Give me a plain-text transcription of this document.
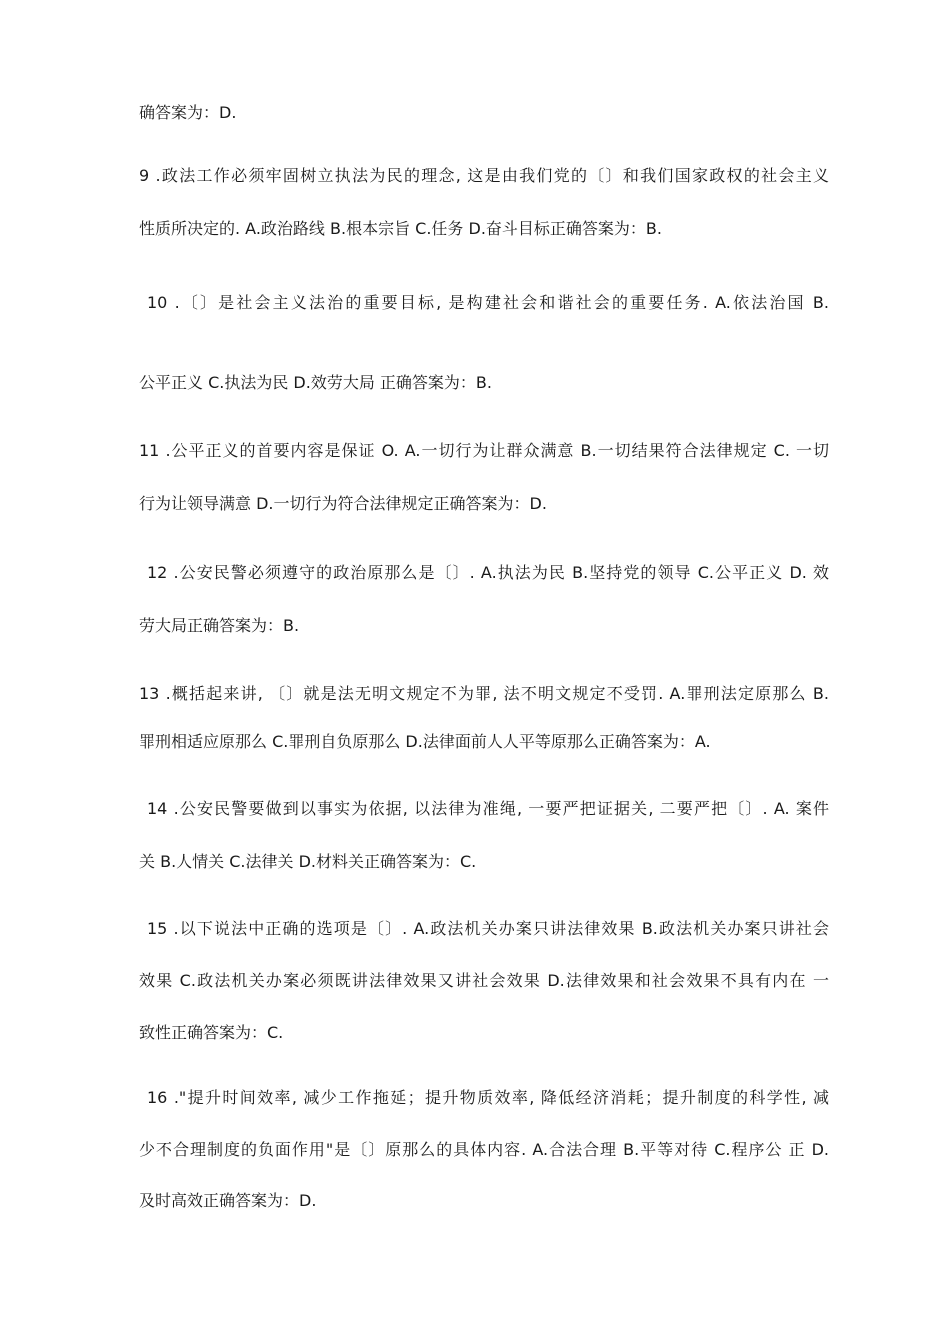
确答案为：D.
9 .政法工作必须牢固树立执法为民的理念, 这是由我们党的〔〕和我们国家政权的社会主义
性质所决定的. A.政治路线 B.根本宗旨 C.任务 D.奋斗目标正确答案为：B.
10 .〔〕是社会主义法治的重要目标, 是构建社会和谐社会的重要任务. A.依法治国 B.
公平正义 C.执法为民 D.效劳大局 正确答案为：B.
11 .公平正义的首要内容是保证 O. A.一切行为让群众满意 B.一切结果符合法律规定 C. 一切
行为让领导满意 D.一切行为符合法律规定正确答案为：D.
12 .公安民警必须遵守的政治原那么是〔〕. A.执法为民 B.坚持党的领导 C.公平正义 D. 效
劳大局正确答案为：B.
13 .概括起来讲, 〔〕就是法无明文规定不为罪, 法不明文规定不受罚. A.罪刑法定原那么 B.
罪刑相适应原那么 C.罪刑自负原那么 D.法律面前人人平等原那么正确答案为：A.
14 .公安民警要做到以事实为依据, 以法律为准绳, 一要严把证据关, 二要严把〔〕. A. 案件
关 B.人情关 C.法律关 D.材料关正确答案为：C.
15 .以下说法中正确的选项是〔〕. A.政法机关办案只讲法律效果 B.政法机关办案只讲社会
效果 C.政法机关办案必须既讲法律效果又讲社会效果 D.法律效果和社会效果不具有内在 一
致性正确答案为：C.
16 ."提升时间效率, 减少工作拖延；提升物质效率, 降低经济消耗；提升制度的科学性, 减
少不合理制度的负面作用"是〔〕原那么的具体内容. A.合法合理 B.平等对待 C.程序公 正 D.
及时高效正确答案为：D.
